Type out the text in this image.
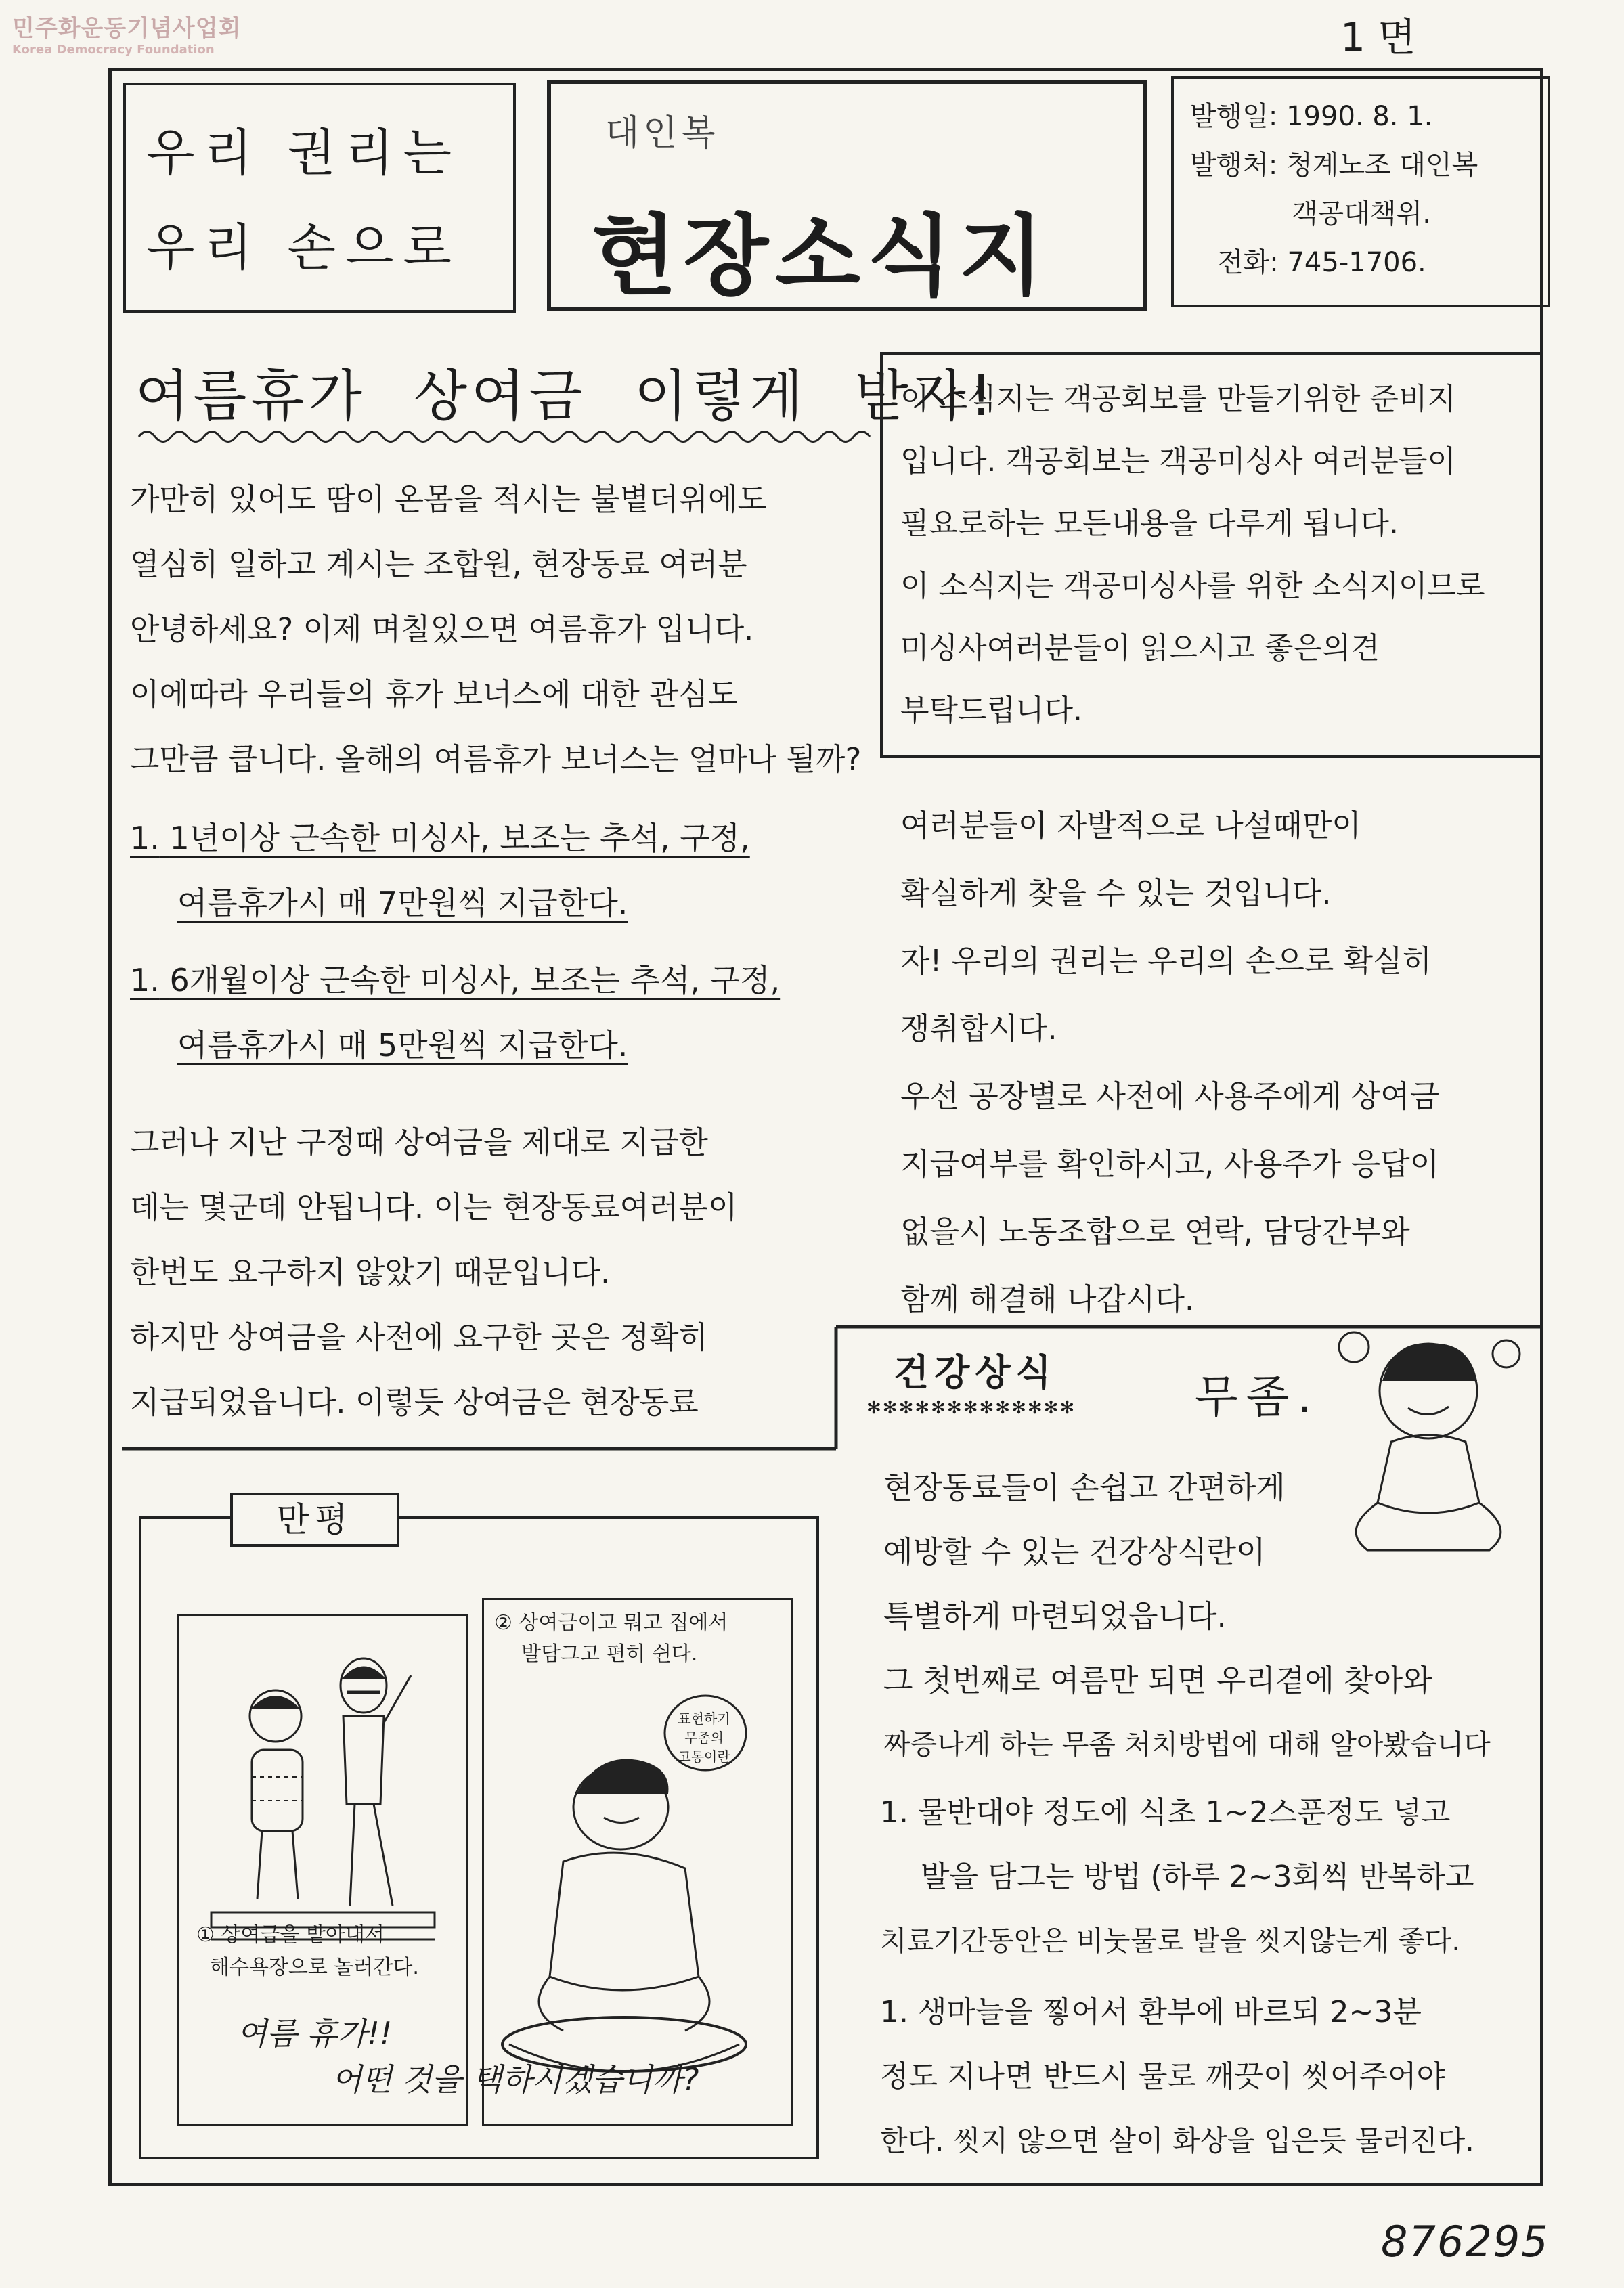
민주화운동기념사업회
Korea Democracy Foundation	1 면
우리 권리는
우리 손으로
대인복
현장소식지
발행일: 1990. 8. 1.
발행처: 청계노조 대인복
객공대책위.
전화: 745-1706.
여름휴가 상여금 이렇게 받자!
가만히 있어도 땀이 온몸을 적시는 불볕더위에도
열심히 일하고 계시는 조합원, 현장동료 여러분
안녕하세요? 이제 며칠있으면 여름휴가 입니다.
이에따라 우리들의 휴가 보너스에 대한 관심도
그만큼 큽니다. 올해의 여름휴가 보너스는 얼마나 될까?
1. 1년이상 근속한 미싱사, 보조는 추석, 구정,
여름휴가시 매 7만원씩 지급한다.
1. 6개월이상 근속한 미싱사, 보조는 추석, 구정,
여름휴가시 매 5만원씩 지급한다.
그러나 지난 구정때 상여금을 제대로 지급한
데는 몇군데 안됩니다. 이는 현장동료여러분이
한번도 요구하지 않았기 때문입니다.
하지만 상여금을 사전에 요구한 곳은 정확히
지급되었읍니다. 이렇듯 상여금은 현장동료
이 소식지는 객공회보를 만들기위한 준비지
입니다. 객공회보는 객공미싱사 여러분들이
필요로하는 모든내용을 다루게 됩니다.
이 소식지는 객공미싱사를 위한 소식지이므로
미싱사여러분들이 읽으시고 좋은의견
부탁드립니다.
여러분들이 자발적으로 나설때만이
확실하게 찾을 수 있는 것입니다.
자! 우리의 권리는 우리의 손으로 확실히
쟁취합시다.
우선 공장별로 사전에 사용주에게 상여금
지급여부를 확인하시고, 사용주가 응답이
없을시 노동조합으로 연락, 담당간부와
함께 해결해 나갑시다.
만평
① 상여금을 받아내서
해수욕장으로 놀러간다.
② 상여금이고 뭐고 집에서
발담그고 편히 쉰다.
표현하기
무좀의
고통이란
여름 휴가!!
어떤 것을 택하시겠습니까?
건강상식
✻✻✻✻✻✻✻✻✻✻✻✻✻	무좀.
현장동료들이 손쉽고 간편하게
예방할 수 있는 건강상식란이
특별하게 마련되었읍니다.
그 첫번째로 여름만 되면 우리곁에 찾아와
짜증나게 하는 무좀 처치방법에 대해 알아봤습니다
1. 물반대야 정도에 식초 1~2스푼정도 넣고
발을 담그는 방법 (하루 2~3회씩 반복하고
치료기간동안은 비눗물로 발을 씻지않는게 좋다.
1. 생마늘을 찧어서 환부에 바르되 2~3분
정도 지나면 반드시 물로 깨끗이 씻어주어야
한다. 씻지 않으면 살이 화상을 입은듯 물러진다.
876295
